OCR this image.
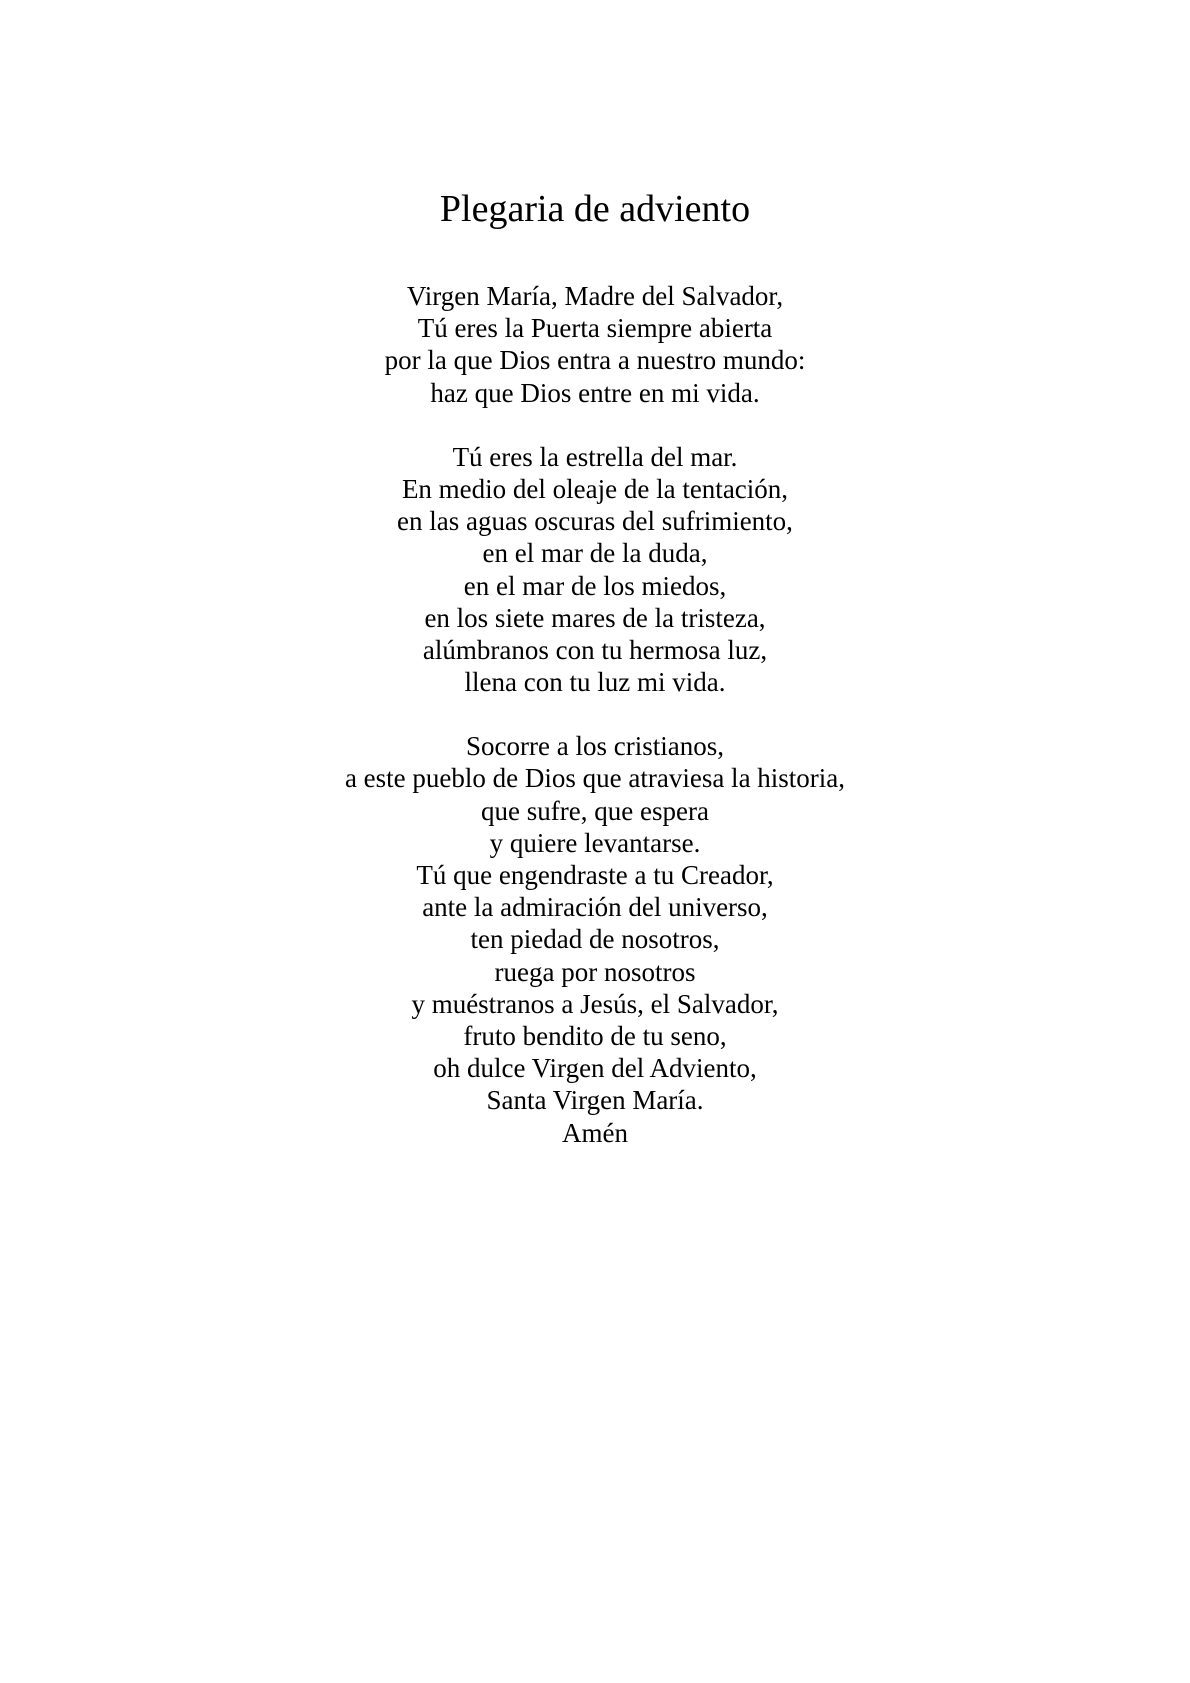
Plegaria de adviento
Virgen María, Madre del Salvador,
Tú eres la Puerta siempre abierta
por la que Dios entra a nuestro mundo:
haz que Dios entre en mi vida.
Tú eres la estrella del mar.
En medio del oleaje de la tentación,
en las aguas oscuras del sufrimiento,
en el mar de la duda,
en el mar de los miedos,
en los siete mares de la tristeza,
alúmbranos con tu hermosa luz,
llena con tu luz mi vida.
Socorre a los cristianos,
a este pueblo de Dios que atraviesa la historia,
que sufre, que espera
y quiere levantarse.
Tú que engendraste a tu Creador,
ante la admiración del universo,
ten piedad de nosotros,
ruega por nosotros
y muéstranos a Jesús, el Salvador,
fruto bendito de tu seno,
oh dulce Virgen del Adviento,
Santa Virgen María.
Amén
